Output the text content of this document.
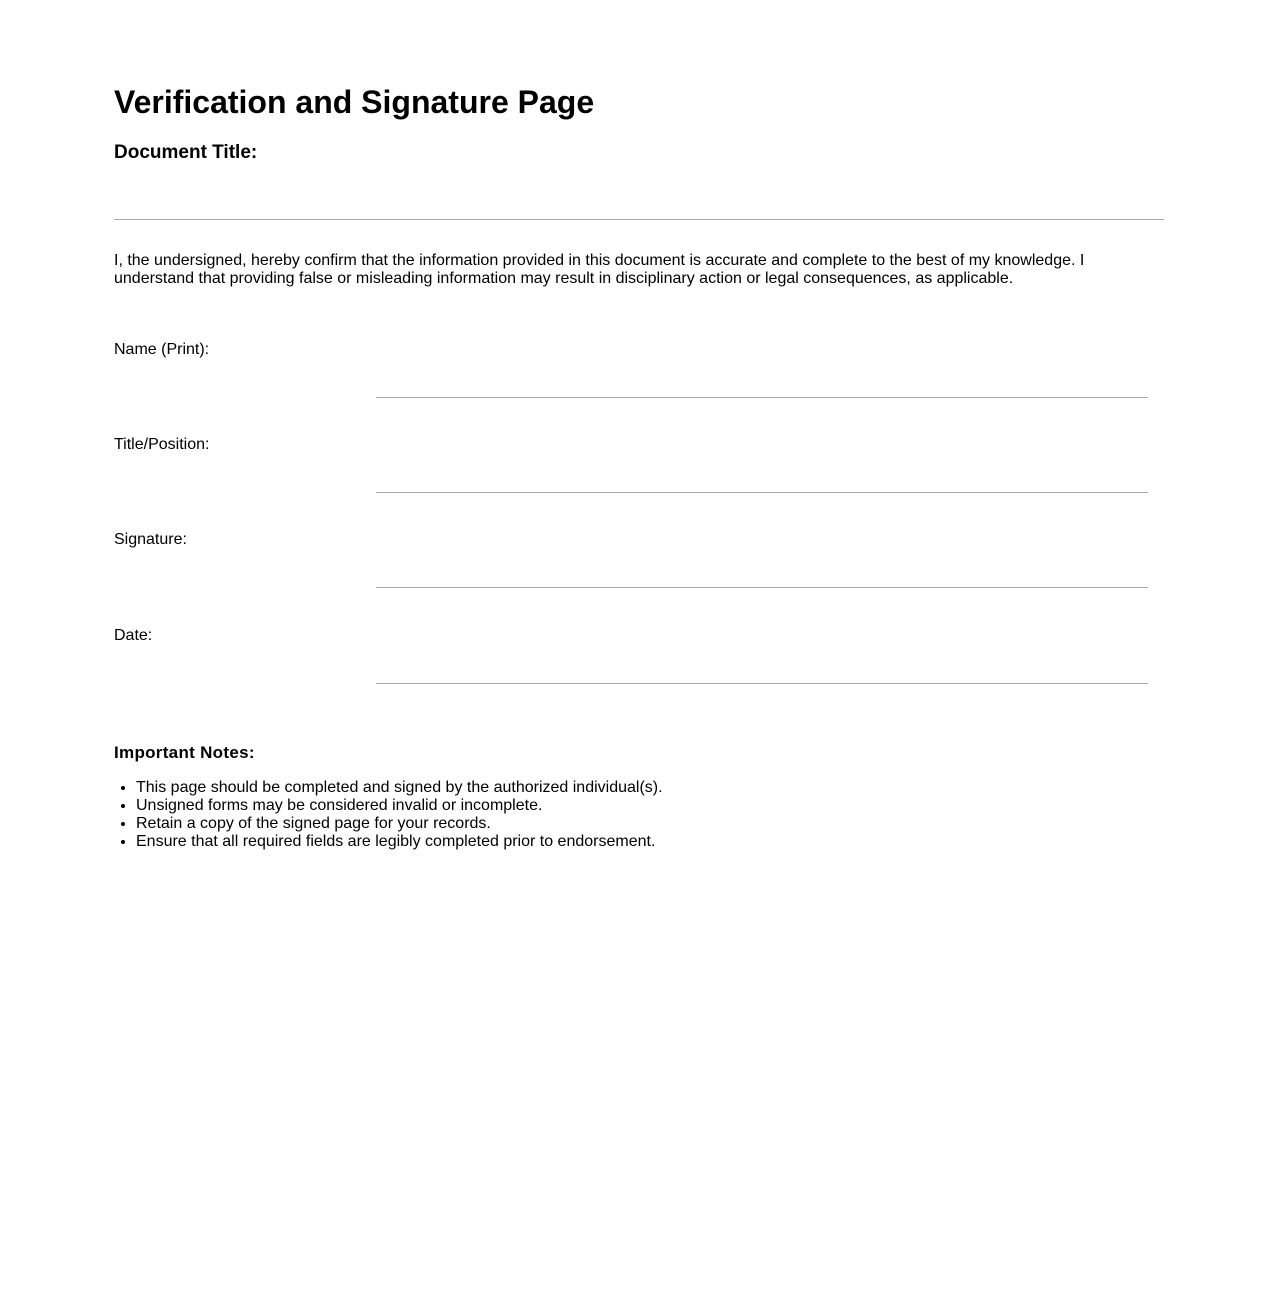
Verification and Signature Page
Document Title:

I, the undersigned, hereby confirm that the information provided in this document is accurate and complete to the best of my knowledge. I understand that providing false or misleading information may result in disciplinary action or legal consequences, as applicable.

Name (Print):
Title/Position:
Signature:
Date:
Important Notes:
• This page should be completed and signed by the authorized individual(s).
• Unsigned forms may be considered invalid or incomplete.
• Retain a copy of the signed page for your records.
• Ensure that all required fields are legibly completed prior to endorsement.
